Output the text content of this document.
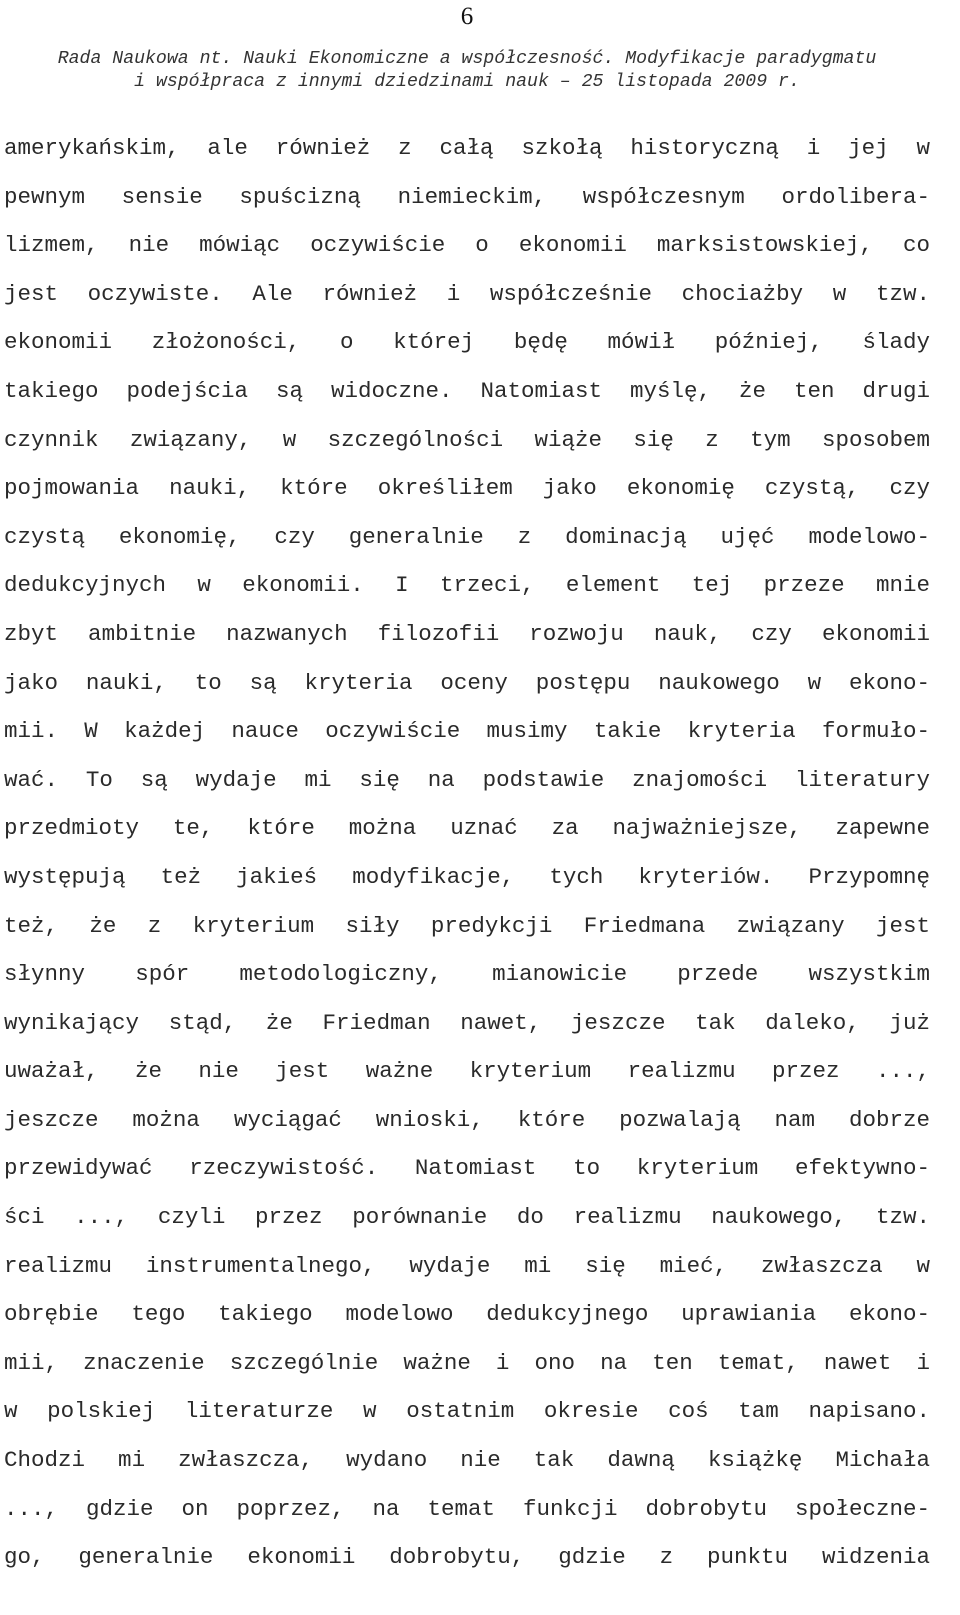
6
Rada Naukowa nt. Nauki Ekonomiczne a współczesność. Modyfikacje paradygmatu
i współpraca z innymi dziedzinami nauk – 25 listopada 2009 r.
amerykańskim, ale również z całą szkołą historyczną i jej w
pewnym sensie spuścizną niemieckim, współczesnym ordolibera-
lizmem, nie mówiąc oczywiście o ekonomii marksistowskiej, co
jest oczywiste. Ale również i współcześnie chociażby w tzw.
ekonomii złożoności, o której będę mówił później, ślady
takiego podejścia są widoczne. Natomiast myślę, że ten drugi
czynnik związany, w szczególności wiąże się z tym sposobem
pojmowania nauki, które określiłem jako ekonomię czystą, czy
czystą ekonomię, czy generalnie z dominacją ujęć modelowo-
dedukcyjnych w ekonomii. I trzeci, element tej przeze mnie
zbyt ambitnie nazwanych filozofii rozwoju nauk, czy ekonomii
jako nauki, to są kryteria oceny postępu naukowego w ekono-
mii. W każdej nauce oczywiście musimy takie kryteria formuło-
wać. To są wydaje mi się na podstawie znajomości literatury
przedmioty te, które można uznać za najważniejsze, zapewne
występują też jakieś modyfikacje, tych kryteriów. Przypomnę
też, że z kryterium siły predykcji Friedmana związany jest
słynny spór metodologiczny, mianowicie przede wszystkim
wynikający stąd, że Friedman nawet, jeszcze tak daleko, już
uważał, że nie jest ważne kryterium realizmu przez ...,
jeszcze można wyciągać wnioski, które pozwalają nam dobrze
przewidywać rzeczywistość. Natomiast to kryterium efektywno-
ści ..., czyli przez porównanie do realizmu naukowego, tzw.
realizmu instrumentalnego, wydaje mi się mieć, zwłaszcza w
obrębie tego takiego modelowo dedukcyjnego uprawiania ekono-
mii, znaczenie szczególnie ważne i ono na ten temat, nawet i
w polskiej literaturze w ostatnim okresie coś tam napisano.
Chodzi mi zwłaszcza, wydano nie tak dawną książkę Michała
..., gdzie on poprzez, na temat funkcji dobrobytu społeczne-
go, generalnie ekonomii dobrobytu, gdzie z punktu widzenia
